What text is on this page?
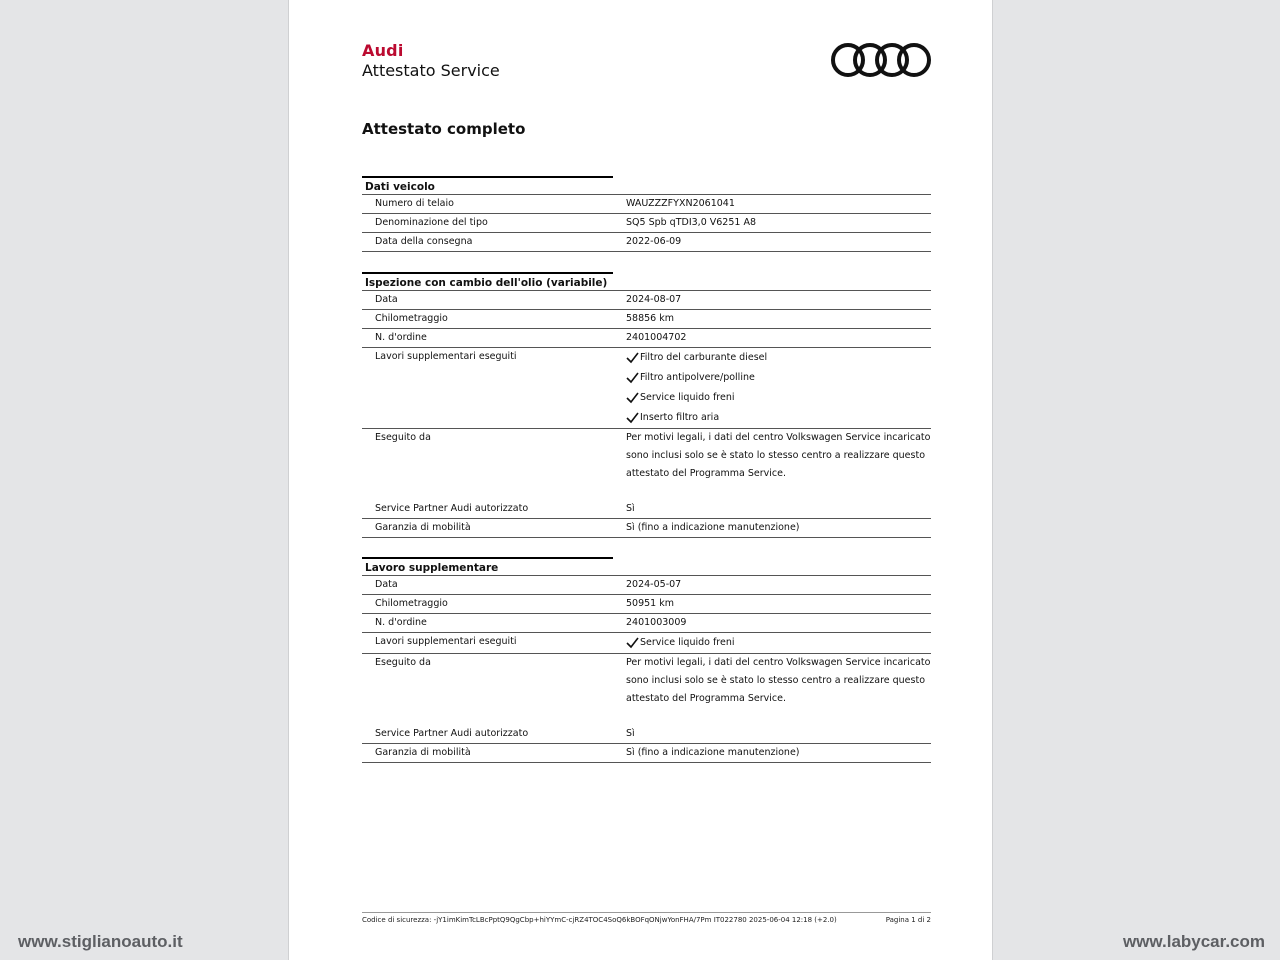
Audi
Attestato Service
Attestato completo
Dati veicolo
Numero di telaio	WAUZZZFYXN2061041
Denominazione del tipo	SQ5 Spb qTDI3,0 V6251 A8
Data della consegna	2022-06-09
Ispezione con cambio dell'olio (variabile)
Data	2024-08-07
Chilometraggio	58856 km
N. d'ordine	2401004702
Lavori supplementari eseguiti	Filtro del carburante diesel
Filtro antipolvere/polline
Service liquido freni
Inserto filtro aria
Eseguito da	Per motivi legali, i dati del centro Volkswagen Service incaricato
sono inclusi solo se è stato lo stesso centro a realizzare questo
attestato del Programma Service.
Service Partner Audi autorizzato	Sì
Garanzia di mobilità	Sì (fino a indicazione manutenzione)
Lavoro supplementare
Data	2024-05-07
Chilometraggio	50951 km
N. d'ordine	2401003009
Lavori supplementari eseguiti	Service liquido freni
Eseguito da	Per motivi legali, i dati del centro Volkswagen Service incaricato
sono inclusi solo se è stato lo stesso centro a realizzare questo
attestato del Programma Service.
Service Partner Audi autorizzato	Sì
Garanzia di mobilità	Sì (fino a indicazione manutenzione)
Codice di sicurezza: -jY1imKimTcLBcPptQ9QgCbp+hiYYmC-cjRZ4TOC4SoQ6kBOFqONjwYonFHA/7Pm IT022780 2025-06-04 12:18 (+2.0)	Pagina 1 di 2
www.stiglianoauto.it	www.labycar.com
